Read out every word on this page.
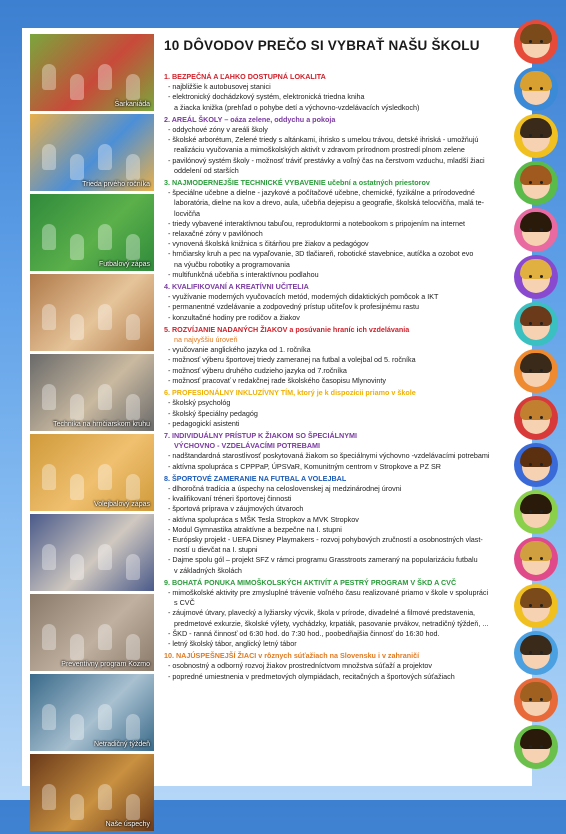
Šarkaniáda
Trieda prvého ročníka
Futbalový zápas
Technika na hrnčiarskom kruhu
Volejbalový zápas
Preventívny program Kozmo
Netradičný týždeň
Naše úspechy
10 DÔVODOV PREČO SI VYBRAŤ NAŠU ŠKOLU
1. BEZPEČNÁ A ĽAHKO DOSTUPNÁ LOKALITA
- najbližšie k autobusovej stanici
- elektronický dochádzkový systém, elektronická triedna kniha
a žiacka knižka (prehľad o pohybe detí a výchovno-vzdelávacích výsledkoch)
2. AREÁL ŠKOLY – oáza zelene, oddychu a pokoja
- oddychové zóny v areáli školy
- školské arborétum, Zelené triedy s altánkami, ihrisko s umelou trávou, detské ihriská - umožňujú
realizáciu vyučovania a mimoškolských aktivít v zdravom prírodnom prostredí plnom zelene
- pavilónový systém školy - možnosť tráviť prestávky a voľný čas na čerstvom vzduchu, mladší žiaci
oddelení od starších
3. NAJMODERNEJŠIE TECHNICKÉ VYBAVENIE učební a ostatných priestorov
- špeciálne učebne a dielne - jazykové a počítačové učebne, chemické, fyzikálne a prírodovedné
laboratória, dielne na kov a drevo, aula, učebňa dejepisu a geografie, školská telocvičňa, malá te-
locvičňa
- triedy vybavené interaktívnou tabuľou, reproduktormi a notebookom s pripojením na internet
- relaxačné zóny v pavilónoch
- vynovená školská knižnica s čitárňou pre žiakov a pedagógov
- hrnčiarsky kruh a pec na vypaľovanie, 3D tlačiareň, robotické stavebnice, autíčka a ozobot evo
na výučbu robotiky a programovania
- multifunkčná učebňa s interaktívnou podlahou
4. KVALIFIKOVANÍ A KREATÍVNI UČITELIA
- využívanie moderných vyučovacích metód, moderných didaktických pomôcok a IKT
- permanentné vzdelávanie a zodpovedný prístup učiteľov k profesijnému rastu
- konzultačné hodiny pre rodičov a žiakov
5. ROZVÍJANIE NADANÝCH ŽIAKOV a posúvanie hraníc ich vzdelávania
na najvyššiu úroveň
- vyučovanie anglického jazyka od 1. ročníka
- možnosť výberu športovej triedy zameranej na futbal a volejbal od 5. ročníka
- možnosť výberu druhého cudzieho jazyka od 7.ročníka
- možnosť pracovať v redakčnej rade školského časopisu Mlynovinty
6. PROFESIONÁLNY INKLUZÍVNY TÍM, ktorý je k dispozícii priamo v škole
- školský psychológ
- školský špeciálny pedagóg
- pedagogickí asistenti
7. INDIVIDUÁLNY PRÍSTUP K ŽIAKOM SO ŠPECIÁLNYMI
VÝCHOVNO - VZDELÁVACÍMI POTREBAMI
- nadštandardná starostlivosť poskytovaná žiakom so špeciálnymi výchovno -vzdelávacími potrebami
- aktívna spolupráca s CPPPaP, ÚPSVaR, Komunitným centrom v Stropkove a PZ SR
8. ŠPORTOVÉ ZAMERANIE NA FUTBAL A VOLEJBAL
- dlhoročná tradícia a úspechy na celoslovenskej aj medzinárodnej úrovni
- kvalifikovaní tréneri športovej činnosti
- športová príprava v záujmových útvaroch
- aktívna spolupráca s MŠK Tesla Stropkov a MVK Stropkov
- Modul Gymnastika atraktívne a bezpečne na I. stupni
- Európsky projekt - UEFA Disney Playmakers - rozvoj pohybových zručností a osobnostných vlast-
ností u dievčat na I. stupni
- Dajme spolu gól – projekt SFZ v rámci programu Grasstroots zameraný na popularizáciu futbalu
v základných školách
9. BOHATÁ PONUKA MIMOŠKOLSKÝCH AKTIVÍT A PESTRÝ PROGRAM V ŠKD A CVČ
- mimoškolské aktivity pre zmysluplné trávenie voľného času realizované priamo v škole v spolupráci
s CVČ
- záujmové útvary, plavecký a lyžiarsky výcvik, škola v prírode, divadelné a filmové predstavenia,
predmetové exkurzie, školské výlety, vychádzky, krpatiák, pasovanie prvákov, netradičný týždeň, ...
- ŠKD - ranná činnosť od 6:30 hod. do 7:30 hod., poobedňajšia činnosť do 16:30 hod.
- letný školský tábor, anglický letný tábor
10. NAJÚSPEŠNEJŠÍ ŽIACI v rôznych súťažiach na Slovensku i v zahraničí
- osobnostný a odborný rozvoj žiakov prostredníctvom množstva súťaží a projektov
- popredné umiestnenia v predmetových olympiádach, recitačných a športových súťažiach
